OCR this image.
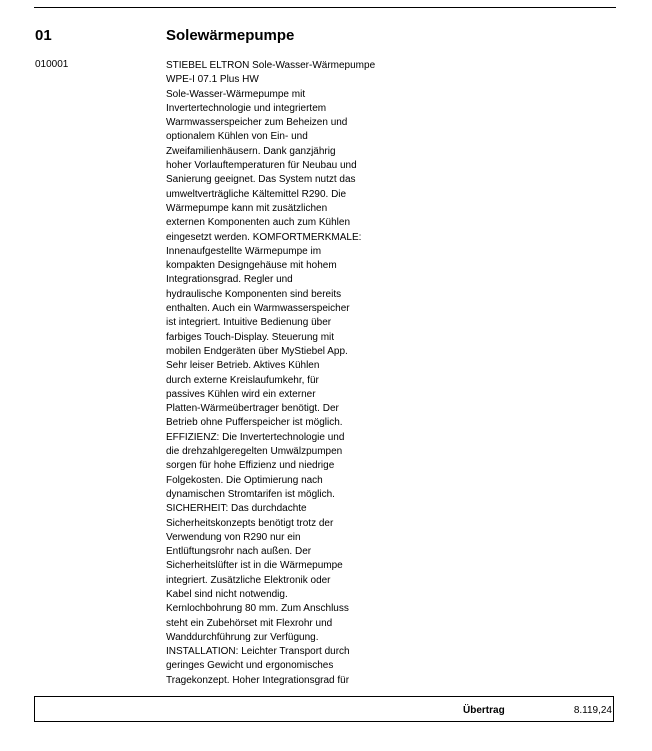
01	Solewärmepumpe
010001	STIEBEL ELTRON Sole-Wasser-Wärmepumpe
WPE-I 07.1 Plus HW
Sole-Wasser-Wärmepumpe mit
Invertertechnologie und integriertem
Warmwasserspeicher zum Beheizen und
optionalem Kühlen von Ein- und
Zweifamilienhäusern. Dank ganzjährig
hoher Vorlauftemperaturen für Neubau und
Sanierung geeignet. Das System nutzt das
umweltverträgliche Kältemittel R290. Die
Wärmepumpe kann mit zusätzlichen
externen Komponenten auch zum Kühlen
eingesetzt werden. KOMFORTMERKMALE:
Innenaufgestellte Wärmepumpe im
kompakten Designgehäuse mit hohem
Integrationsgrad. Regler und
hydraulische Komponenten sind bereits
enthalten. Auch ein Warmwasserspeicher
ist integriert. Intuitive Bedienung über
farbiges Touch-Display. Steuerung mit
mobilen Endgeräten über MyStiebel App.
Sehr leiser Betrieb. Aktives Kühlen
durch externe Kreislaufumkehr, für
passives Kühlen wird ein externer
Platten-Wärmeübertrager benötigt. Der
Betrieb ohne Pufferspeicher ist möglich.
EFFIZIENZ: Die Invertertechnologie und
die drehzahlgeregelten Umwälzpumpen
sorgen für hohe Effizienz und niedrige
Folgekosten. Die Optimierung nach
dynamischen Stromtarifen ist möglich.
SICHERHEIT: Das durchdachte
Sicherheitskonzepts benötigt trotz der
Verwendung von R290 nur ein
Entlüftungsrohr nach außen. Der
Sicherheitslüfter ist in die Wärmepumpe
integriert. Zusätzliche Elektronik oder
Kabel sind nicht notwendig.
Kernlochbohrung 80 mm. Zum Anschluss
steht ein Zubehörset mit Flexrohr und
Wanddurchführung zur Verfügung.
INSTALLATION: Leichter Transport durch
geringes Gewicht und ergonomisches
Tragekonzept. Hoher Integrationsgrad für
Übertrag	8.119,24
